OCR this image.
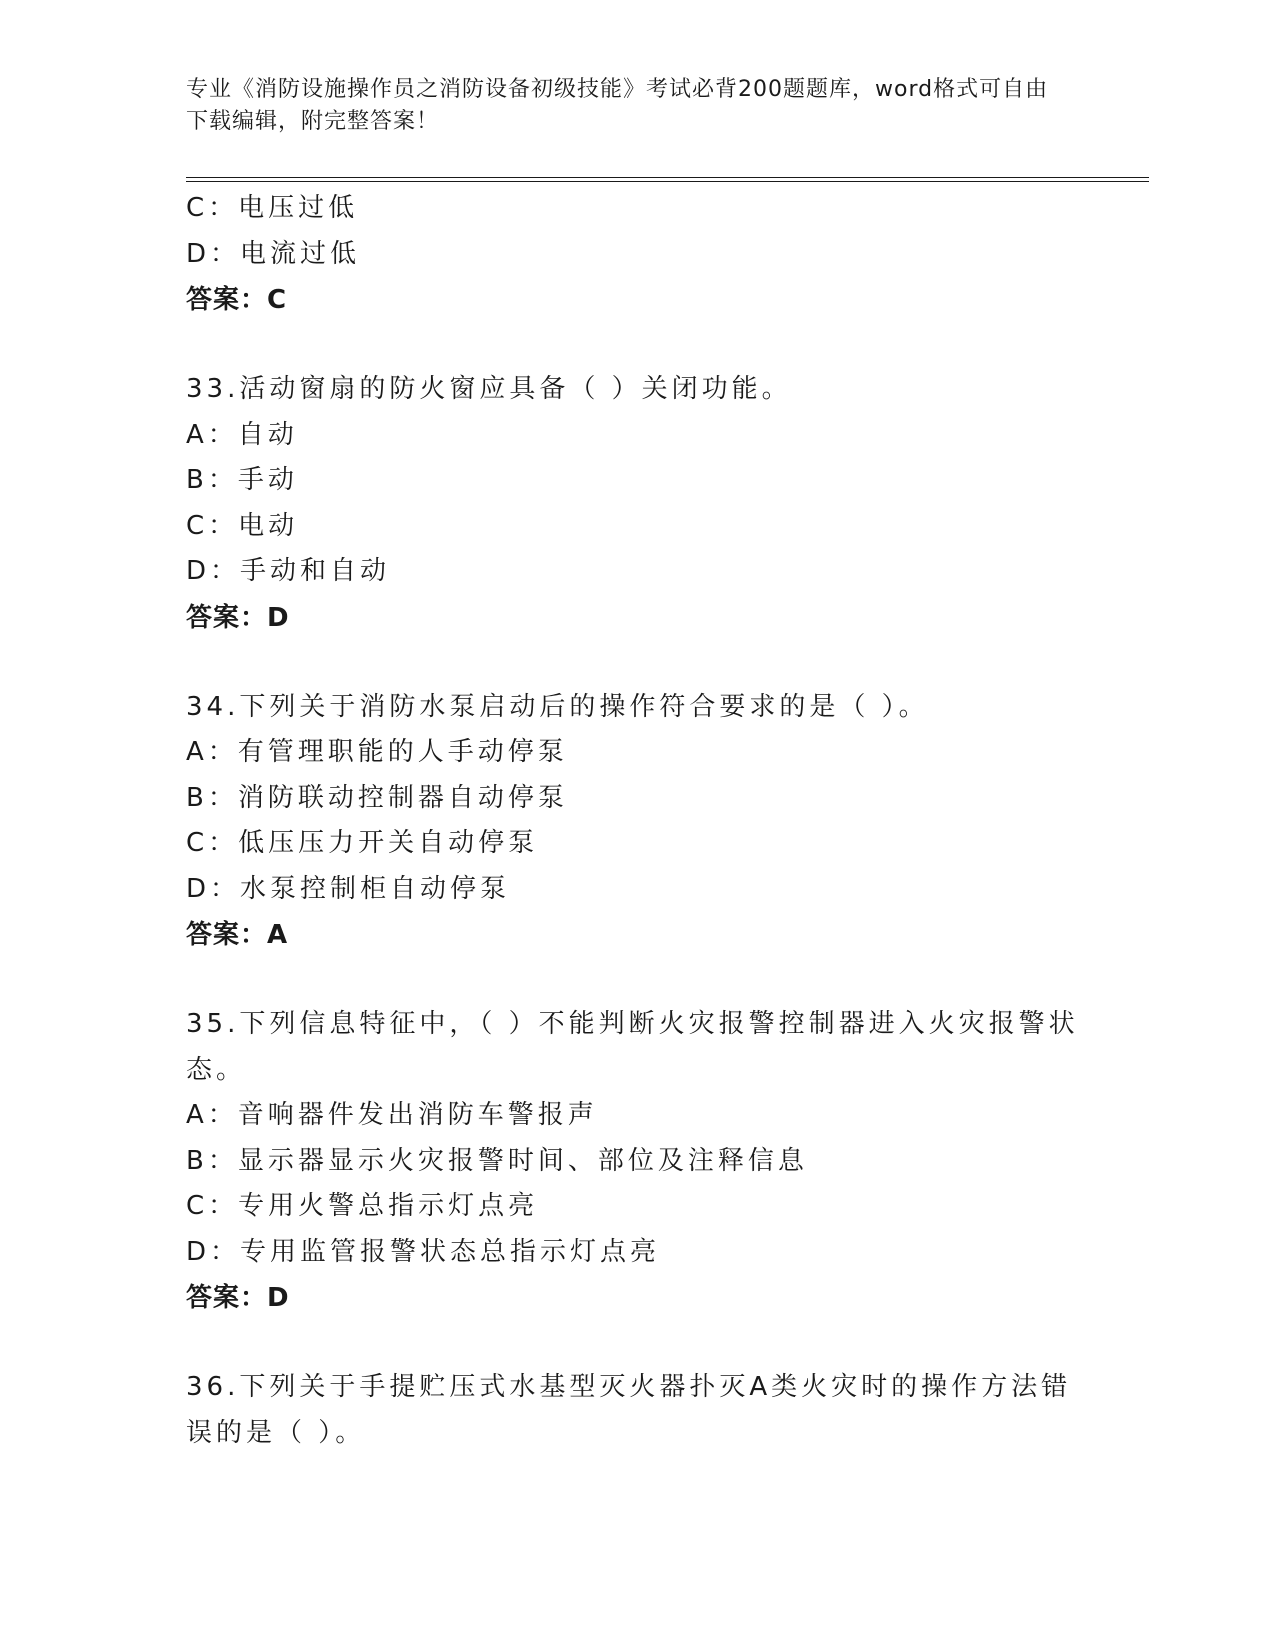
专业《消防设施操作员之消防设备初级技能》考试必背200题题库，word格式可自由下载编辑，附完整答案！
C：电压过低
D：电流过低
答案：C
33.活动窗扇的防火窗应具备（ ）关闭功能。
A：自动
B：手动
C：电动
D：手动和自动
答案：D
34.下列关于消防水泵启动后的操作符合要求的是（ ）。
A：有管理职能的人手动停泵
B：消防联动控制器自动停泵
C：低压压力开关自动停泵
D：水泵控制柜自动停泵
答案：A
35.下列信息特征中，（ ）不能判断火灾报警控制器进入火灾报警状态。
A：音响器件发出消防车警报声
B：显示器显示火灾报警时间、部位及注释信息
C：专用火警总指示灯点亮
D：专用监管报警状态总指示灯点亮
答案：D
36.下列关于手提贮压式水基型灭火器扑灭A类火灾时的操作方法错误的是（ ）。
